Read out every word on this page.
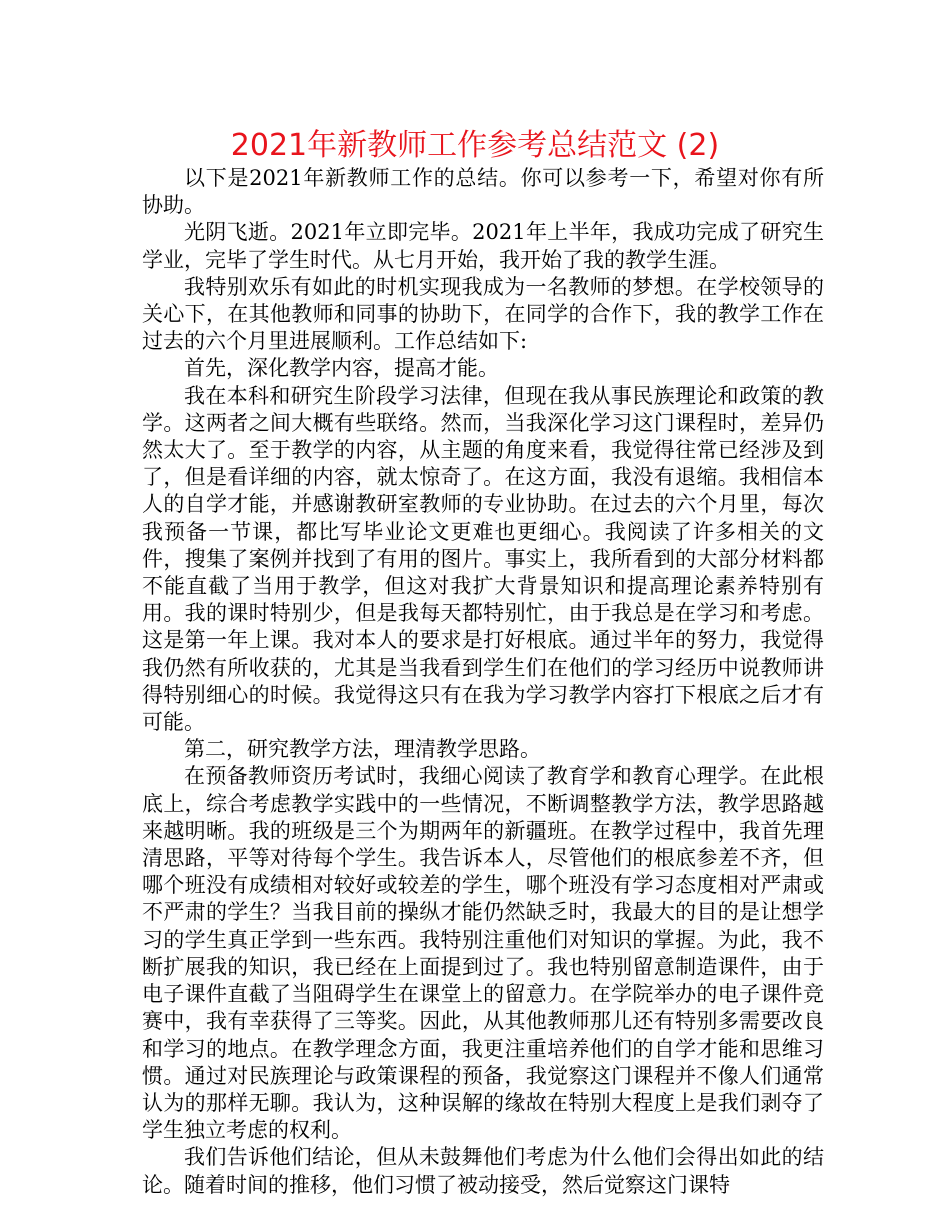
2021年新教师工作参考总结范文 (2)

以下是2021年新教师工作的总结。你可以参考一下，希望对你有所协助。

光阴飞逝。2021年立即完毕。2021年上半年，我成功完成了研究生学业，完毕了学生时代。从七月开始，我开始了我的教学生涯。

我特别欢乐有如此的时机实现我成为一名教师的梦想。在学校领导的关心下，在其他教师和同事的协助下，在同学的合作下，我的教学工作在过去的六个月里进展顺利。工作总结如下:

首先，深化教学内容，提高才能。

我在本科和研究生阶段学习法律，但现在我从事民族理论和政策的教学。这两者之间大概有些联络。然而，当我深化学习这门课程时，差异仍然太大了。至于教学的内容，从主题的角度来看，我觉得往常已经涉及到了，但是看详细的内容，就太惊奇了。在这方面，我没有退缩。我相信本人的自学才能，并感谢教研室教师的专业协助。在过去的六个月里，每次我预备一节课，都比写毕业论文更难也更细心。我阅读了许多相关的文件，搜集了案例并找到了有用的图片。事实上，我所看到的大部分材料都不能直截了当用于教学，但这对我扩大背景知识和提高理论素养特别有用。我的课时特别少，但是我每天都特别忙，由于我总是在学习和考虑。这是第一年上课。我对本人的要求是打好根底。通过半年的努力，我觉得我仍然有所收获的，尤其是当我看到学生们在他们的学习经历中说教师讲得特别细心的时候。我觉得这只有在我为学习教学内容打下根底之后才有可能。

第二，研究教学方法，理清教学思路。

在预备教师资历考试时，我细心阅读了教育学和教育心理学。在此根底上，综合考虑教学实践中的一些情况，不断调整教学方法，教学思路越来越明晰。我的班级是三个为期两年的新疆班。在教学过程中，我首先理清思路，平等对待每个学生。我告诉本人，尽管他们的根底参差不齐，但哪个班没有成绩相对较好或较差的学生，哪个班没有学习态度相对严肃或不严肃的学生？当我目前的操纵才能仍然缺乏时，我最大的目的是让想学习的学生真正学到一些东西。我特别注重他们对知识的掌握。为此，我不断扩展我的知识，我已经在上面提到过了。我也特别留意制造课件，由于电子课件直截了当阻碍学生在课堂上的留意力。在学院举办的电子课件竞赛中，我有幸获得了三等奖。因此，从其他教师那儿还有特别多需要改良和学习的地点。在教学理念方面，我更注重培养他们的自学才能和思维习惯。通过对民族理论与政策课程的预备，我觉察这门课程并不像人们通常认为的那样无聊。我认为，这种误解的缘故在特别大程度上是我们剥夺了学生独立考虑的权利。

我们告诉他们结论，但从未鼓舞他们考虑为什么他们会得出如此的结论。随着时间的推移，他们习惯了被动接受，然后觉察这门课特
